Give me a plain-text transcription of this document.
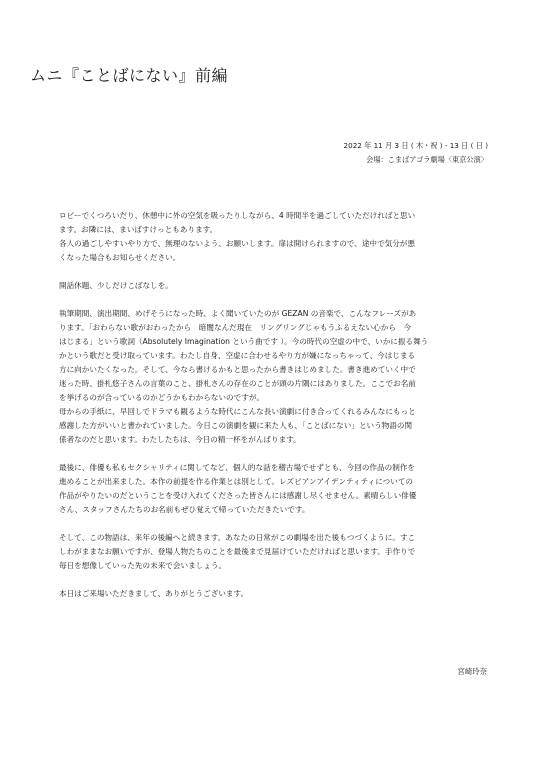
ムニ『ことばにない』前編
2022 年 11 月 3 日 ( 木・祝 ) - 13 日 ( 日 )
会場：こまばアゴラ劇場〈東京公演〉

ロビーでくつろいだり、休憩中に外の空気を吸ったりしながら、4 時間半を過ごしていただければと思い
ます。お隣には、まいばすけっともあります。
各人の過ごしやすいやり方で、無理のないよう、お願いします。扉は開けられますので、途中で気分が悪
くなった場合もお知らせください。

開話休題、少しだけこばなしを。

執筆期間、演出期間、めげそうになった時、よく聞いていたのが GEZAN の音楽で、こんなフレーズがあ
ります。「おわらない歌がおわったから　暗闇なんだ現在　リングリングじゃもうふるえない心から　今
はじまる」という歌詞（Absolutely Imagination という曲です ）。今の時代の空虚の中で、いかに振る舞う
かという歌だと受け取っています。わたし自身、空虚に合わせるやり方が嫌になっちゃって、今はじまる
方に向かいたくなった。そして、今なら書けるかもと思ったから書きはじめました。書き進めていく中で
迷った時、掛札悠子さんの言葉のこと、掛札さんの存在のことが頭の片隅にはありました。ここでお名前
を挙げるのが合っているのかどうかもわからないのですが。
母からの手紙に、早回しでドラマも観るような時代にこんな長い演劇に付き合ってくれるみんなにもっと
感謝した方がいいと書かれていました。今日この演劇を観に来た人も、「ことばにない」という物語の関
係者なのだと思います。わたしたちは、今日の精一杯をがんばります。

最後に、俳優も私もセクシャリティに関してなど、個人的な話を稽古場でせずとも、今回の作品の制作を
進めることが出来ました。本作の前提を作る作業とは別として。レズビアンアイデンティティについての
作品がやりたいのだということを受け入れてくださった皆さんには感謝し尽くせません。素晴らしい俳優
さん、スタッフさんたちのお名前もぜひ覚えて帰っていただきたいです。

そして、この物語は、来年の後編へと続きます。あなたの日常がこの劇場を出た後もつづくように。すこ
しわがままなお願いですが、登場人物たちのことを最後まで見届けていただければと思います。手作りで
毎日を想像していった先の未来で会いましょう。

本日はご来場いただきまして、ありがとうございます。

宮崎玲奈
